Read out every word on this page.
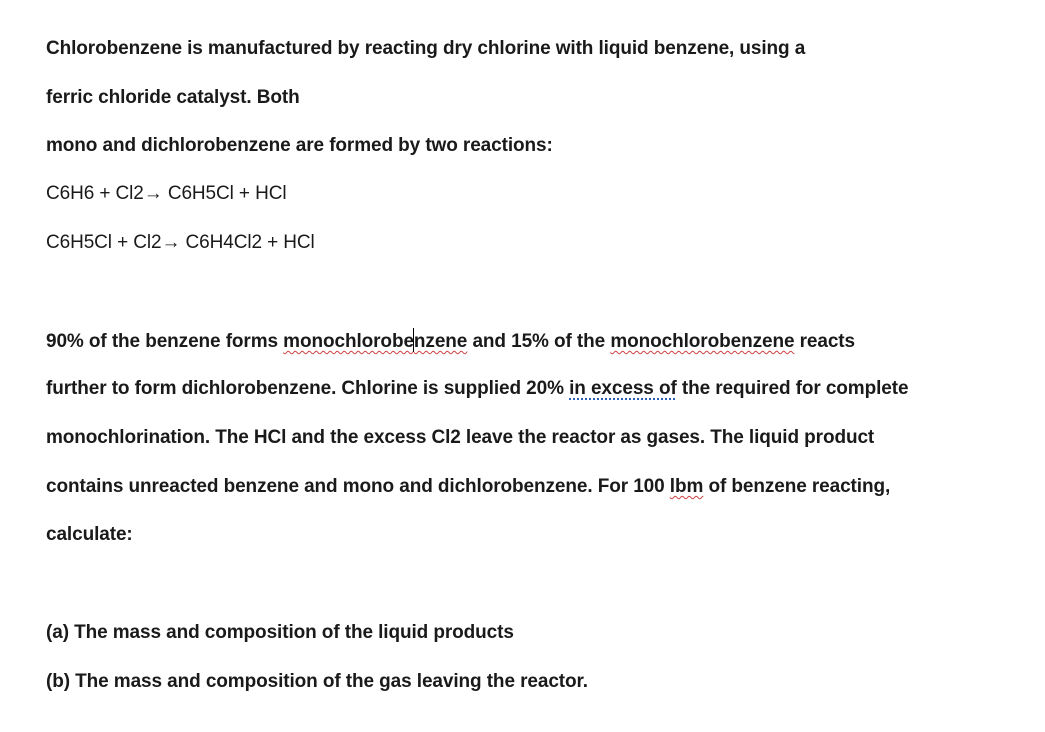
Chlorobenzene is manufactured by reacting dry chlorine with liquid benzene, using a
ferric chloride catalyst. Both
mono and dichlorobenzene are formed by two reactions:
C6H6 + Cl2→ C6H5Cl + HCl
C6H5Cl + Cl2→ C6H4Cl2 + HCl
90% of the benzene forms monochlorobenzene and 15% of the monochlorobenzene reacts
further to form dichlorobenzene. Chlorine is supplied 20% in excess of the required for complete
monochlorination. The HCl and the excess Cl2 leave the reactor as gases. The liquid product
contains unreacted benzene and mono and dichlorobenzene. For 100 lbm of benzene reacting,
calculate:
(a) The mass and composition of the liquid products
(b) The mass and composition of the gas leaving the reactor.
